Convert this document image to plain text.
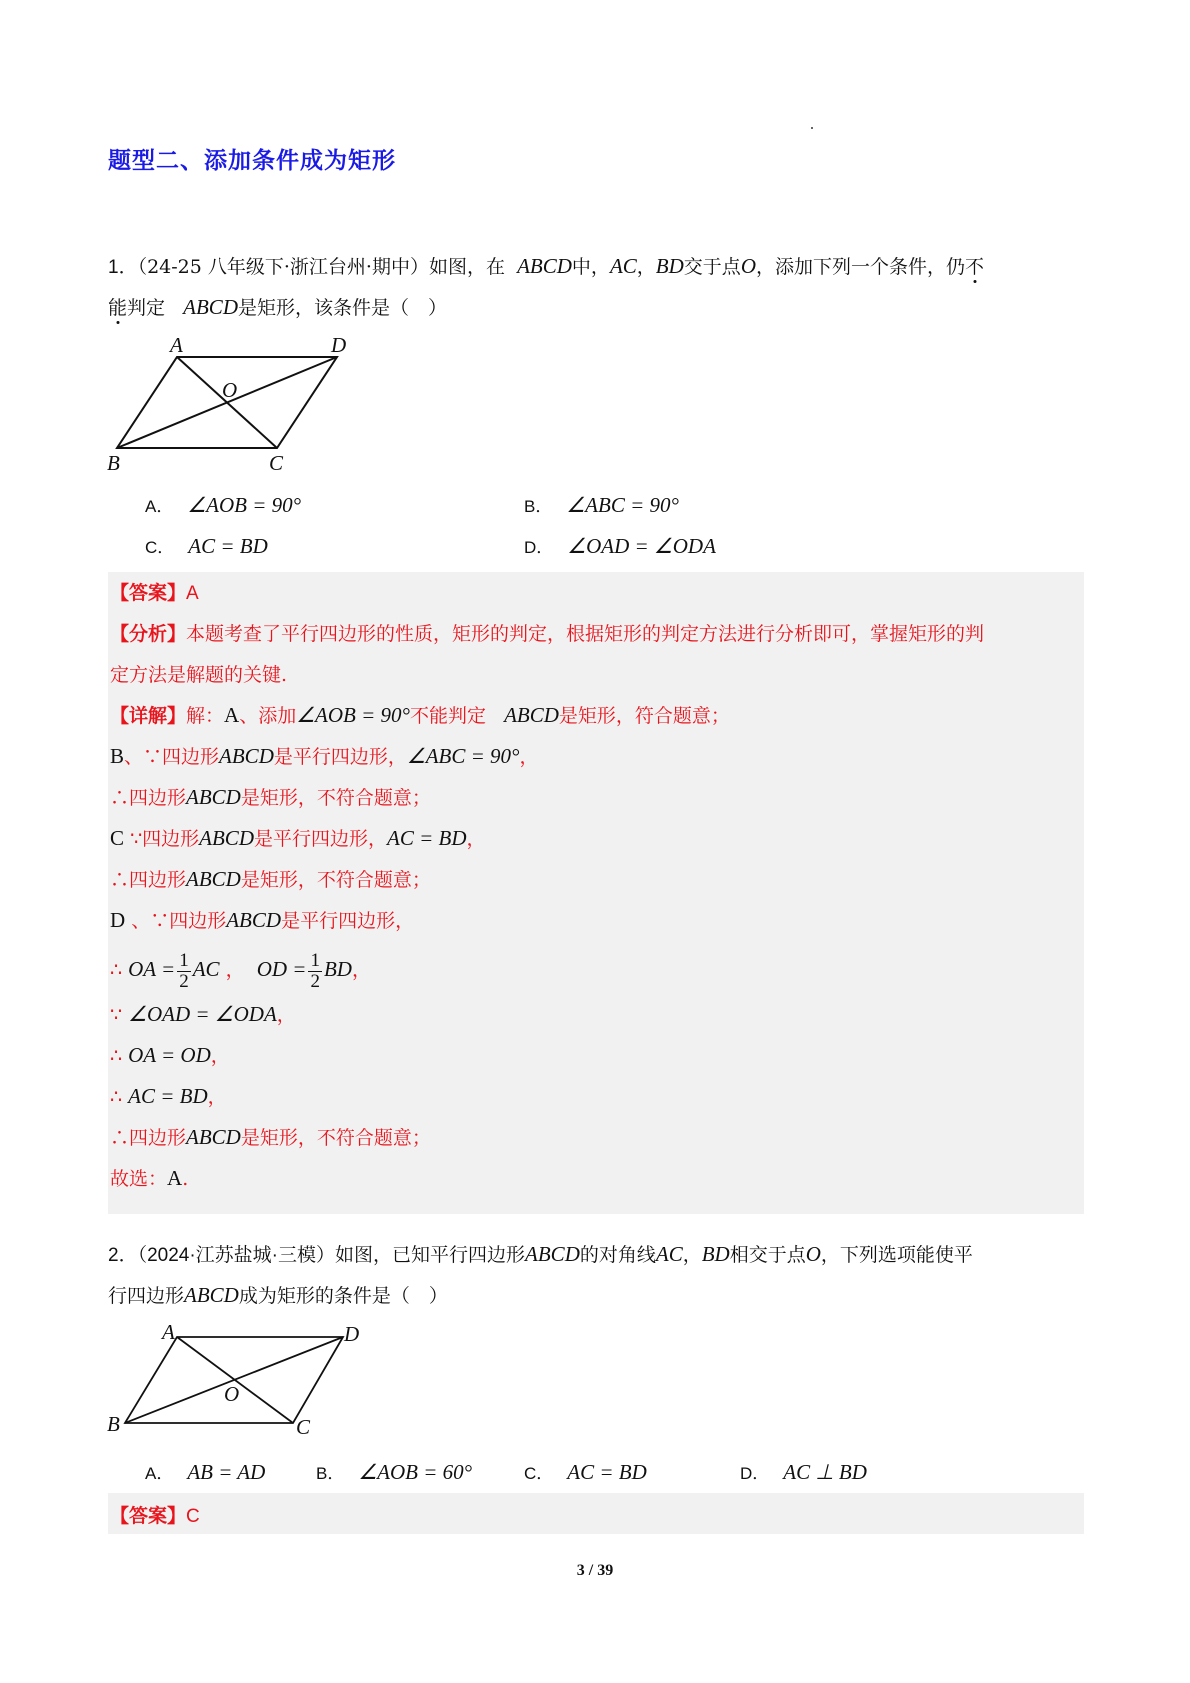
题型二、添加条件成为矩形
1．（24-25 八年级下·浙江台州·期中）如图，在 ABCD中，AC，BD交于点O，添加下列一个条件，仍不
能判定 ABCD是矩形，该条件是（　）
A	D
O
B	C
A． ∠AOB = 90°	B． ∠ABC = 90°
C． AC = BD	D． ∠OAD = ∠ODA
【答案】A
【分析】本题考查了平行四边形的性质，矩形的判定，根据矩形的判定方法进行分析即可，掌握矩形的判
定方法是解题的关键.
【详解】解：A、添加∠AOB = 90°不能判定 ABCD是矩形，符合题意；
B、∵四边形ABCD是平行四边形，∠ABC = 90°，
∴四边形ABCD是矩形，不符合题意；
C ∵四边形ABCD是平行四边形，AC = BD，
∴四边形ABCD是矩形，不符合题意；
D 、∵四边形ABCD是平行四边形，
∴ OA = $\frac{1}{2}$ AC ， OD = $\frac{1}{2}$ BD，
∵ ∠OAD = ∠ODA，
∴ OA = OD，
∴ AC = BD，
∴四边形ABCD是矩形，不符合题意；
故选：A.
2．（2024·江苏盐城·三模）如图，已知平行四边形ABCD的对角线AC，BD相交于点O，下列选项能使平
行四边形ABCD成为矩形的条件是（　）
A	D
O
B	C
A． AB = AD	B． ∠AOB = 60°	C． AC = BD	D． AC ⊥ BD
【答案】C
3 / 39
